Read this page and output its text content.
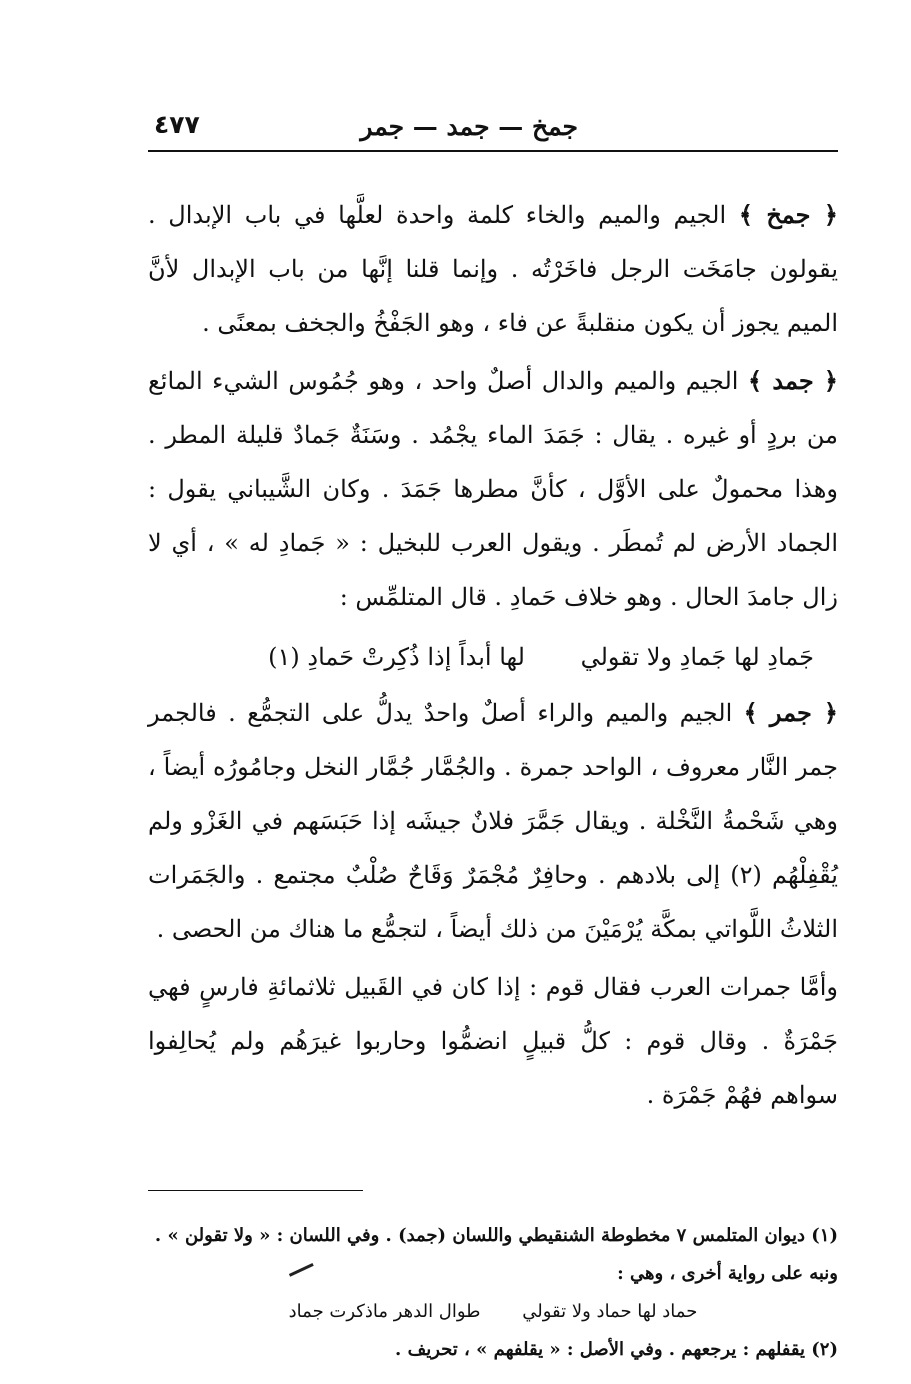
جمخ — جمد — جمر
٤٧٧

﴿ جمخ ﴾ الجيم والميم والخاء كلمة واحدة لعلَّها في باب الإبدال . يقولون جامَخَت الرجل فاخَرْتُه . وإنما قلنا إنَّها من باب الإبدال لأنَّ الميم يجوز أن يكون منقلبةً عن فاء ، وهو الجَفْخُ والجخف بمعنًى .

﴿ جمد ﴾ الجيم والميم والدال أصلٌ واحد ، وهو جُمُوس الشيء المائع من بردٍ أو غيره . يقال : جَمَدَ الماء يجْمُد . وسَنَةٌ جَمادٌ قليلة المطر . وهذا محمولٌ على الأوَّل ، كأنَّ مطرها جَمَدَ . وكان الشَّيباني يقول : الجماد الأرض لم تُمطَر . ويقول العرب للبخيل : « جَمادِ له » ، أي لا زال جامدَ الحال . وهو خلاف حَمادِ . قال المتلمِّس :

جَمادِ لها جَمادِ ولا تقولي لها أبداً إذا ذُكِرتْ حَمادِ (١)

﴿ جمر ﴾ الجيم والميم والراء أصلٌ واحدٌ يدلُّ على التجمُّع . فالجمر جمر النَّار معروف ، الواحد جمرة . والجُمَّار جُمَّار النخل وجامُورُه أيضاً ، وهي شَحْمةُ النَّخْلة . ويقال جَمَّرَ فلانٌ جيشَه إذا حَبَسَهم في الغَزْو ولم يُقْفِلْهُم (٢) إلى بلادهم . وحافِرٌ مُجْمَرٌ وَقَاحٌ صُلْبٌ مجتمع . والجَمَرات الثلاثُ اللَّواتي بمكَّة يُرْمَيْنَ من ذلك أيضاً ، لتجمُّع ما هناك من الحصى .

وأمَّا جمرات العرب فقال قوم : إذا كان في القَبيل ثلاثمائةِ فارسٍ فهي جَمْرَةٌ . وقال قوم : كلُّ قبيلٍ انضمُّوا وحاربوا غيرَهُم ولم يُحالِفوا سواهم فهُمْ جَمْرَة .

(١) ديوان المتلمس ٧ مخطوطة الشنقيطي واللسان (جمد) . وفي اللسان : « ولا تقولن » . ونبه على رواية أخرى ، وهي :
حماد لها حماد ولا تقولي طوال الدهر ماذكرت جماد
(٢) يقفلهم : يرجعهم . وفي الأصل : « يقلفهم » ، تحريف .
